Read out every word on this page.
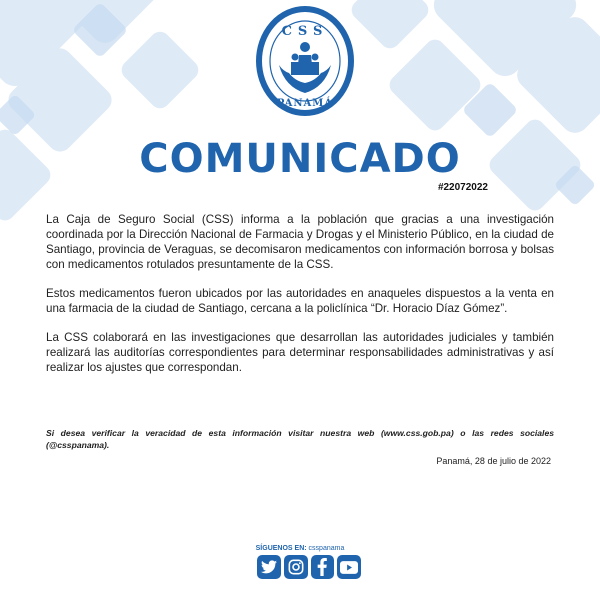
CSS
PANAMÁ
COMUNICADO
#22072022

La Caja de Seguro Social (CSS) informa a la población que gracias a una investigación coordinada por la Dirección Nacional de Farmacia y Drogas y el Ministerio Público, en la ciudad de Santiago, provincia de Veraguas, se decomisaron medicamentos con información borrosa y bolsas con medicamentos rotulados presuntamente de la CSS.

Estos medicamentos fueron ubicados por las autoridades en anaqueles dispuestos a la venta en una farmacia de la ciudad de Santiago, cercana a la policlínica “Dr. Horacio Díaz Gómez”.

La CSS colaborará en las investigaciones que desarrollan las autoridades judiciales y también realizará las auditorías correspondientes para determinar responsabilidades administrativas y así realizar los ajustes que correspondan.

Si desea verificar la veracidad de esta información visitar nuestra web (www.css.gob.pa) o las redes sociales (@csspanama).

Panamá, 28 de julio de 2022
SÍGUENOS EN: csspanama
